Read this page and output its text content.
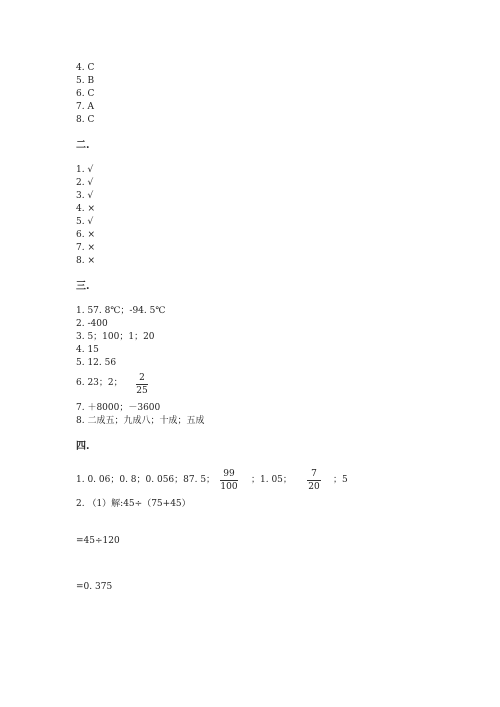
4. C
5. B
6. C
7. A
8. C
二.
1. √
2. √
3. √
4. ×
5. √
6. ×
7. ×
8. ×
三.
1. 57. 8℃；-94. 5℃
2. -400
3. 5；100；1；20
4. 15
5. 12. 56
6. 23；2； 2
25
7. ＋8000；－3600
8. 二成五；九成八；十成；五成
四.
1. 0. 06；0. 8；0. 056；87. 5；
99
100
；1. 05；
7
20
；5
2. （1）解:45÷（75+45）
=45÷120
=0. 375
